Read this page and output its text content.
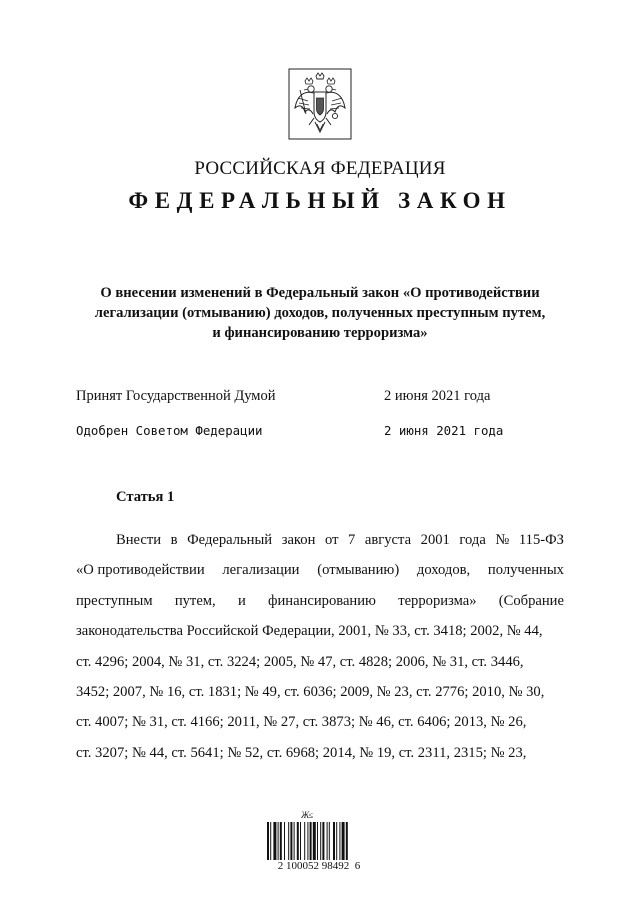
РОССИЙСКАЯ ФЕДЕРАЦИЯ
ФЕДЕРАЛЬНЫЙ ЗАКОН
О внесении изменений в Федеральный закон «О противодействии
легализации (отмыванию) доходов, полученных преступным путем,
и финансированию терроризма»
Принят Государственной Думой	2 июня 2021 года
Одобрен Советом Федерации	2 июня 2021 года
Статья 1
Внести в Федеральный закон от 7 августа 2001 года № 115-ФЗ
«О противодействии легализации (отмыванию) доходов, полученных
преступным путем, и финансированию терроризма» (Собрание
законодательства Российской Федерации, 2001, № 33, ст. 3418; 2002, № 44,
ст. 4296; 2004, № 31, ст. 3224; 2005, № 47, ст. 4828; 2006, № 31, ст. 3446,
3452; 2007, № 16, ст. 1831; № 49, ст. 6036; 2009, № 23, ст. 2776; 2010, № 30,
ст. 4007; № 31, ст. 4166; 2011, № 27, ст. 3873; № 46, ст. 6406; 2013, № 26,
ст. 3207; № 44, ст. 5641; № 52, ст. 6968; 2014, № 19, ст. 2311, 2315; № 23,
Ж≤
2 100052 98492  6
